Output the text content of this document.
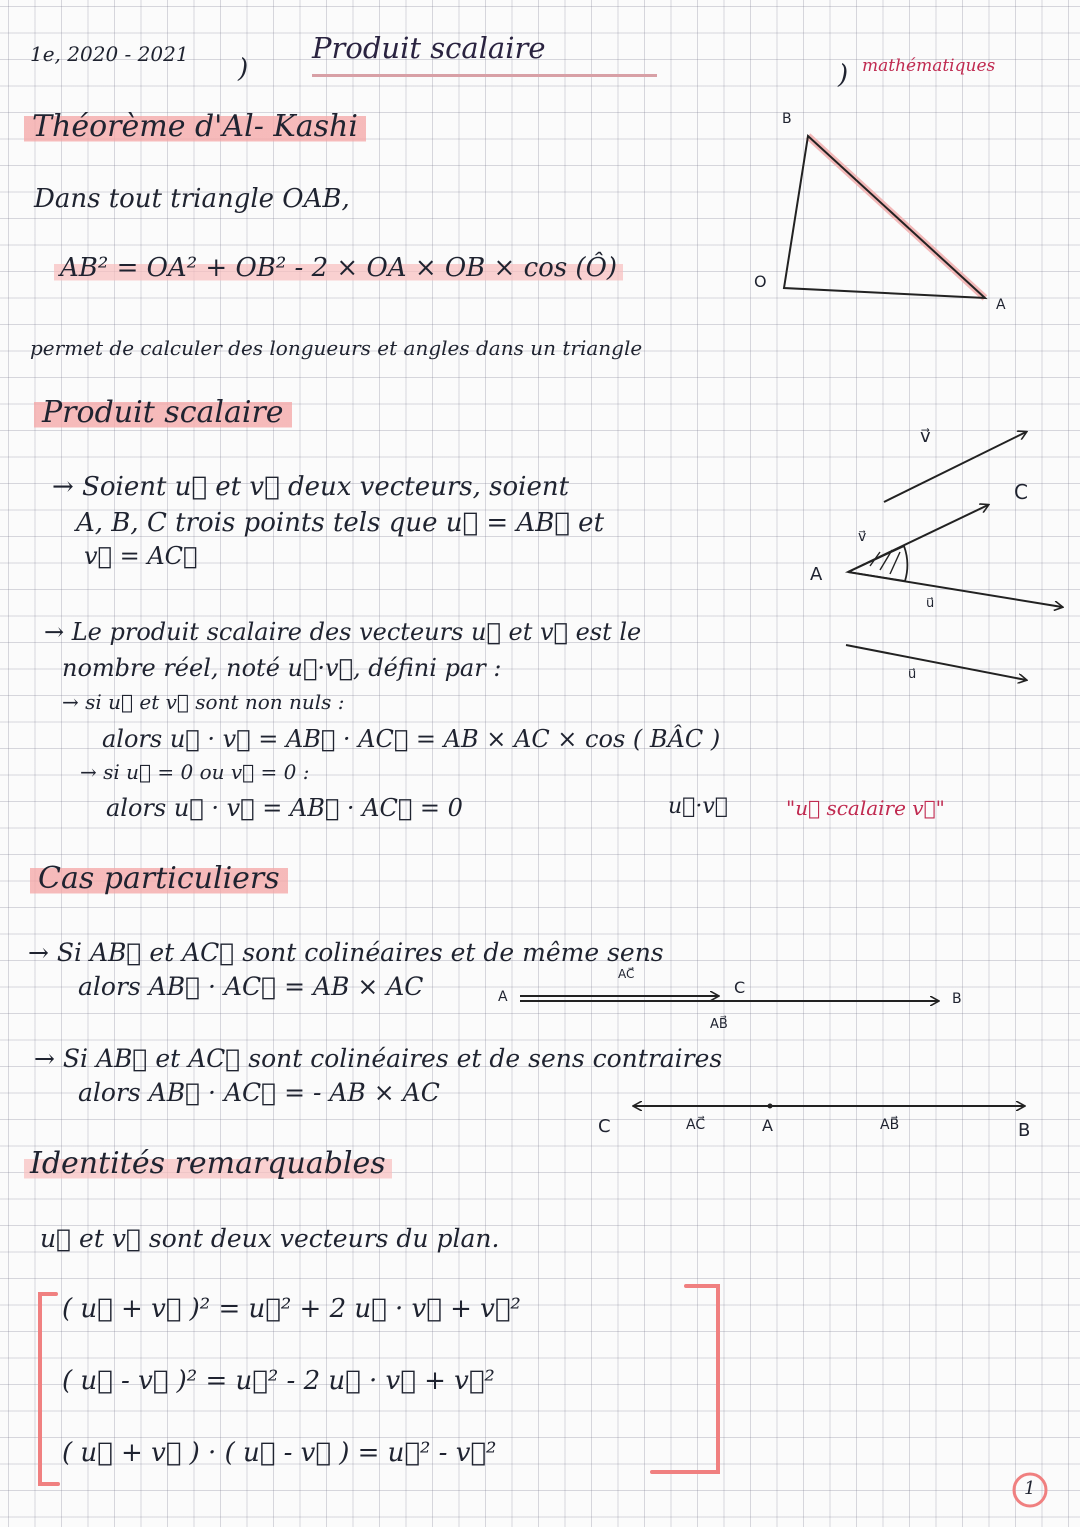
1e, 2020 - 2021 )
Produit scalaire
) mathématiques
Théorème d'Al- Kashi
Dans tout triangle OAB,
AB² = OA² + OB² - 2 × OA × OB × cos (Ô)
permet de calculer des longueurs et angles dans un triangle
B
O
A
Produit scalaire
→ Soient u⃗ et v⃗ deux vecteurs, soient
A, B, C trois points tels que u⃗ = AB⃗ et
v⃗ = AC⃗
→ Le produit scalaire des vecteurs u⃗ et v⃗ est le
nombre réel, noté u⃗·v⃗, défini par :
→ si u⃗ et v⃗ sont non nuls :
alors u⃗ · v⃗ = AB⃗ · AC⃗ = AB × AC × cos ( BÂC )
→ si u⃗ = 0 ou v⃗ = 0 :
alors u⃗ · v⃗ = AB⃗ · AC⃗ = 0	u⃗·v⃗	"u⃗ scalaire v⃗"
v⃗
C
v⃗
A
u⃗
u⃗
Cas particuliers
→ Si AB⃗ et AC⃗ sont colinéaires et de même sens
alors AB⃗ · AC⃗ = AB × AC	A	C
B
AC⃗
AB⃗
→ Si AB⃗ et AC⃗ sont colinéaires et de sens contraires
alors AB⃗ · AC⃗ = - AB × AC
C	AC⃗	A	AB⃗	B
Identités remarquables
u⃗ et v⃗ sont deux vecteurs du plan.
( u⃗ + v⃗ )² = u⃗² + 2 u⃗ · v⃗ + v⃗²
( u⃗ - v⃗ )² = u⃗² - 2 u⃗ · v⃗ + v⃗²
( u⃗ + v⃗ ) · ( u⃗ - v⃗ ) = u⃗² - v⃗²
1
